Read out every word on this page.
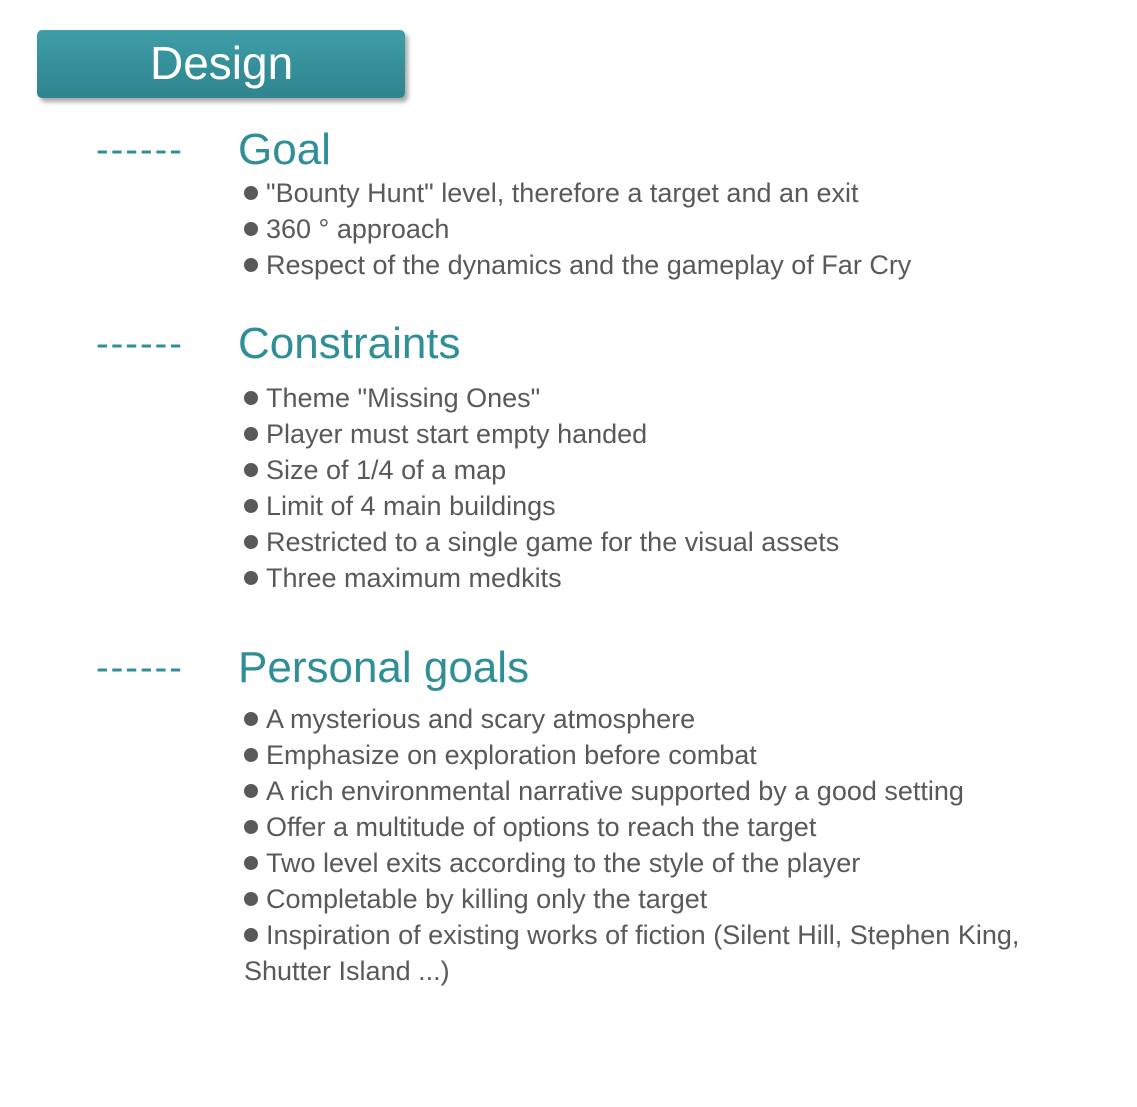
Design
------	Goal
"Bounty Hunt" level, therefore a target and an exit
360 ° approach
Respect of the dynamics and the gameplay of Far Cry
------	Constraints
Theme "Missing Ones"
Player must start empty handed
Size of 1/4 of a map
Limit of 4 main buildings
Restricted to a single game for the visual assets
Three maximum medkits
------	Personal goals
A mysterious and scary atmosphere
Emphasize on exploration before combat
A rich environmental narrative supported by a good setting
Offer a multitude of options to reach the target
Two level exits according to the style of the player
Completable by killing only the target
Inspiration of existing works of fiction (Silent Hill, Stephen King, Shutter Island ...)
